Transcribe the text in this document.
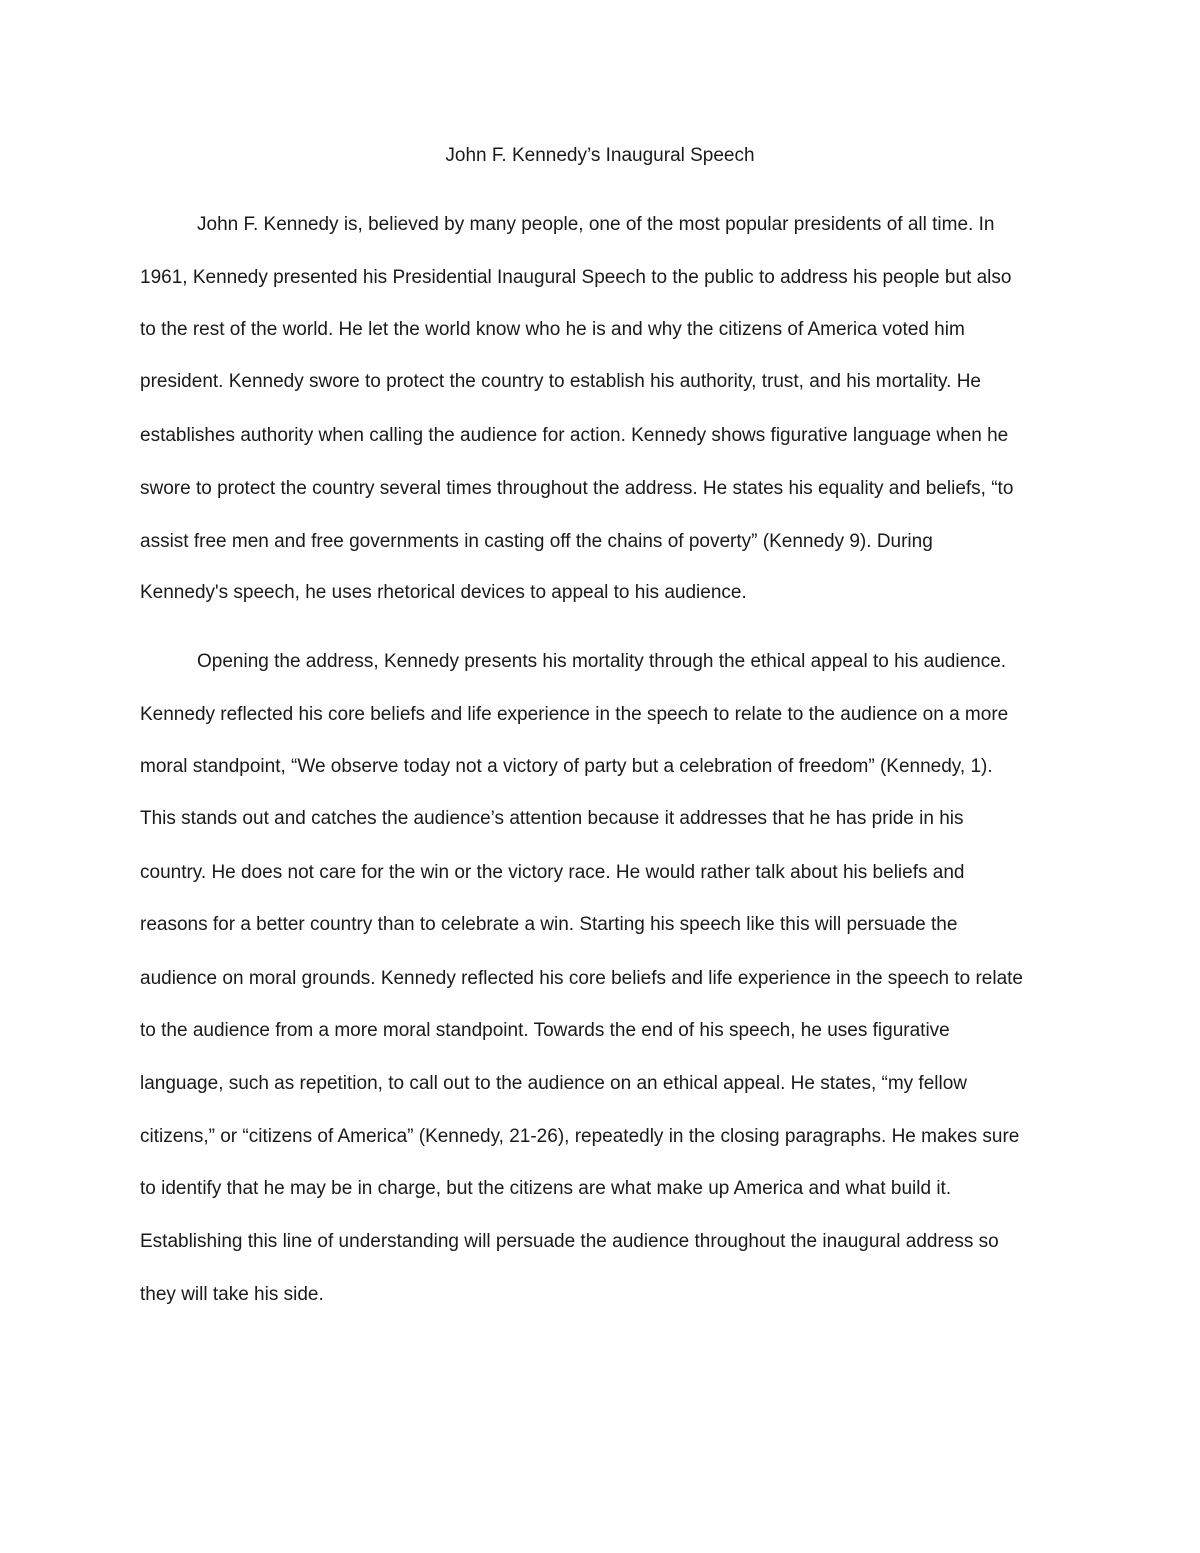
John F. Kennedy’s Inaugural Speech

John F. Kennedy is, believed by many people, one of the most popular presidents of all time. In

1961, Kennedy presented his Presidential Inaugural Speech to the public to address his people but also

to the rest of the world. He let the world know who he is and why the citizens of America voted him

president. Kennedy swore to protect the country to establish his authority, trust, and his mortality. He

establishes authority when calling the audience for action. Kennedy shows figurative language when he

swore to protect the country several times throughout the address. He states his equality and beliefs, “to

assist free men and free governments in casting off the chains of poverty” (Kennedy 9). During

Kennedy's speech, he uses rhetorical devices to appeal to his audience.

Opening the address, Kennedy presents his mortality through the ethical appeal to his audience.

Kennedy reflected his core beliefs and life experience in the speech to relate to the audience on a more

moral standpoint, “We observe today not a victory of party but a celebration of freedom” (Kennedy, 1).

This stands out and catches the audience’s attention because it addresses that he has pride in his

country. He does not care for the win or the victory race. He would rather talk about his beliefs and

reasons for a better country than to celebrate a win. Starting his speech like this will persuade the

audience on moral grounds. Kennedy reflected his core beliefs and life experience in the speech to relate

to the audience from a more moral standpoint. Towards the end of his speech, he uses figurative

language, such as repetition, to call out to the audience on an ethical appeal. He states, “my fellow

citizens,” or “citizens of America” (Kennedy, 21-26), repeatedly in the closing paragraphs. He makes sure

to identify that he may be in charge, but the citizens are what make up America and what build it.

Establishing this line of understanding will persuade the audience throughout the inaugural address so

they will take his side.
